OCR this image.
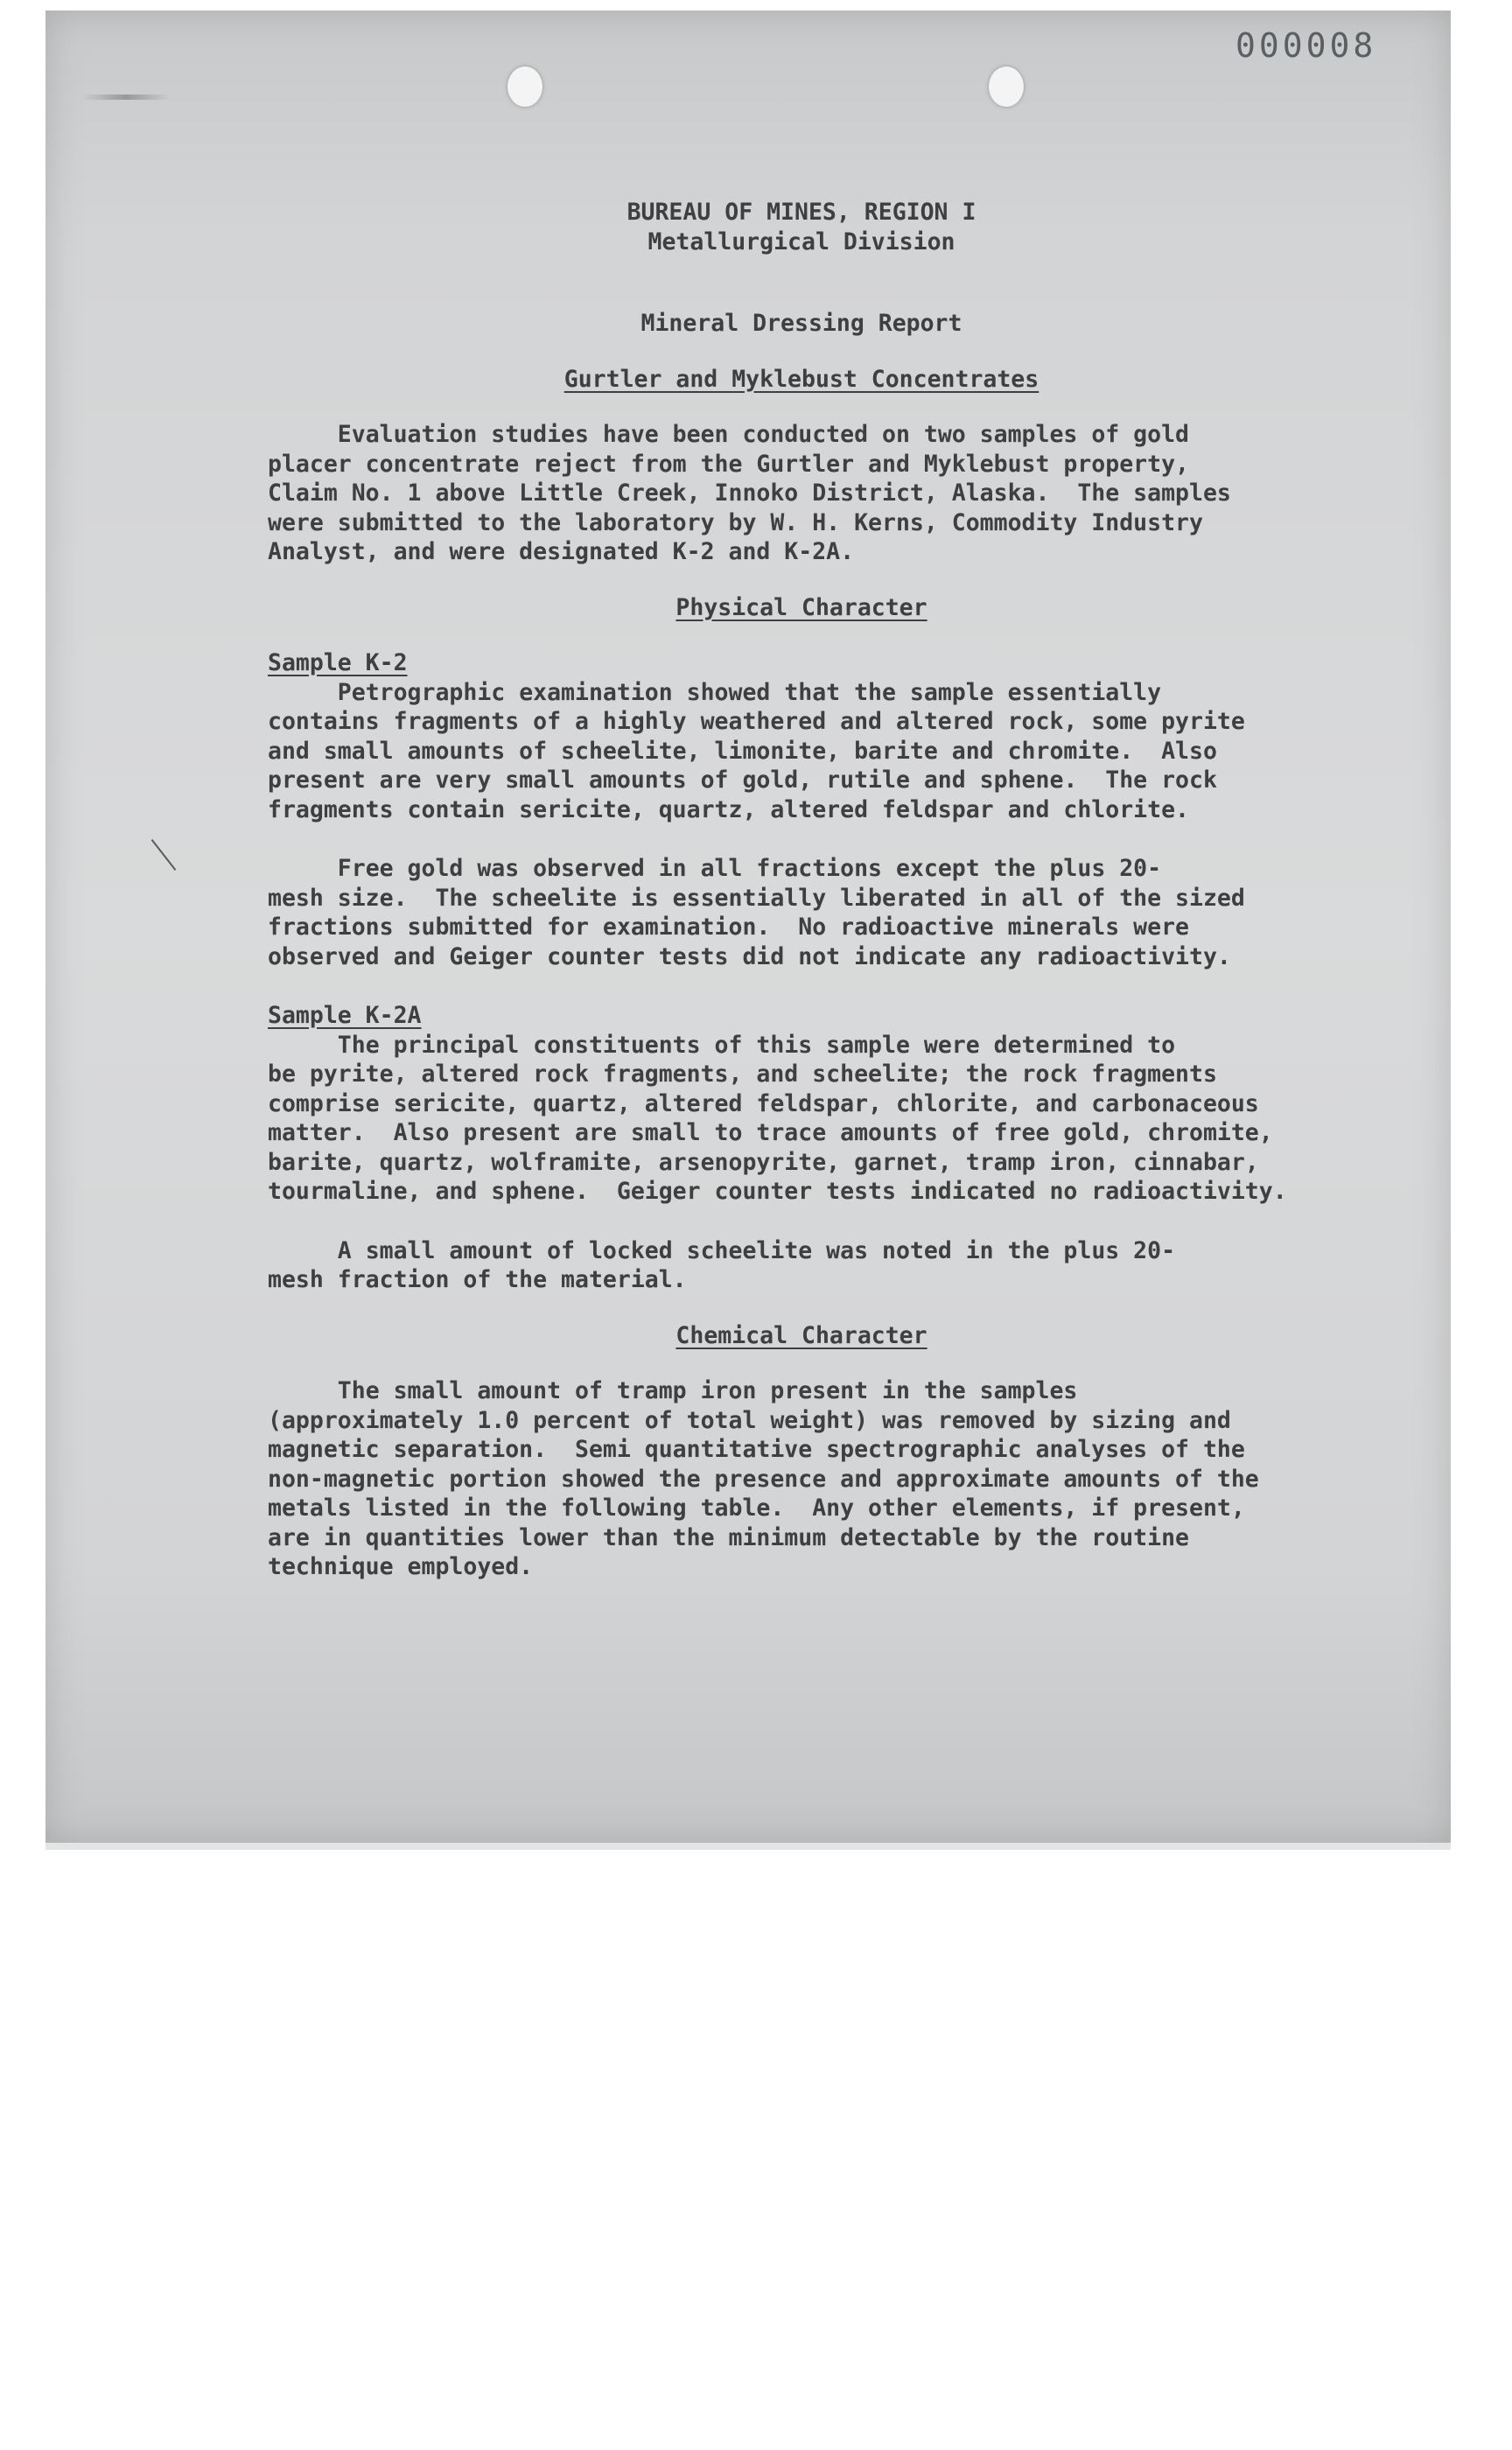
000008

BUREAU OF MINES, REGION I

Metallurgical Division

Mineral Dressing Report

Gurtler and Myklebust Concentrates

Evaluation studies have been conducted on two samples of gold

placer concentrate reject from the Gurtler and Myklebust property,

Claim No. 1 above Little Creek, Innoko District, Alaska.  The samples

were submitted to the laboratory by W. H. Kerns, Commodity Industry

Analyst, and were designated K-2 and K-2A.

Physical Character

Sample K-2

Petrographic examination showed that the sample essentially

contains fragments of a highly weathered and altered rock, some pyrite

and small amounts of scheelite, limonite, barite and chromite.  Also

present are very small amounts of gold, rutile and sphene.  The rock

fragments contain sericite, quartz, altered feldspar and chlorite.

Free gold was observed in all fractions except the plus 20-

mesh size.  The scheelite is essentially liberated in all of the sized

fractions submitted for examination.  No radioactive minerals were

observed and Geiger counter tests did not indicate any radioactivity.

Sample K-2A

The principal constituents of this sample were determined to

be pyrite, altered rock fragments, and scheelite; the rock fragments

comprise sericite, quartz, altered feldspar, chlorite, and carbonaceous

matter.  Also present are small to trace amounts of free gold, chromite,

barite, quartz, wolframite, arsenopyrite, garnet, tramp iron, cinnabar,

tourmaline, and sphene.  Geiger counter tests indicated no radioactivity.

A small amount of locked scheelite was noted in the plus 20-

mesh fraction of the material.

Chemical Character

The small amount of tramp iron present in the samples

(approximately 1.0 percent of total weight) was removed by sizing and

magnetic separation.  Semi quantitative spectrographic analyses of the

non-magnetic portion showed the presence and approximate amounts of the

metals listed in the following table.  Any other elements, if present,

are in quantities lower than the minimum detectable by the routine

technique employed.
